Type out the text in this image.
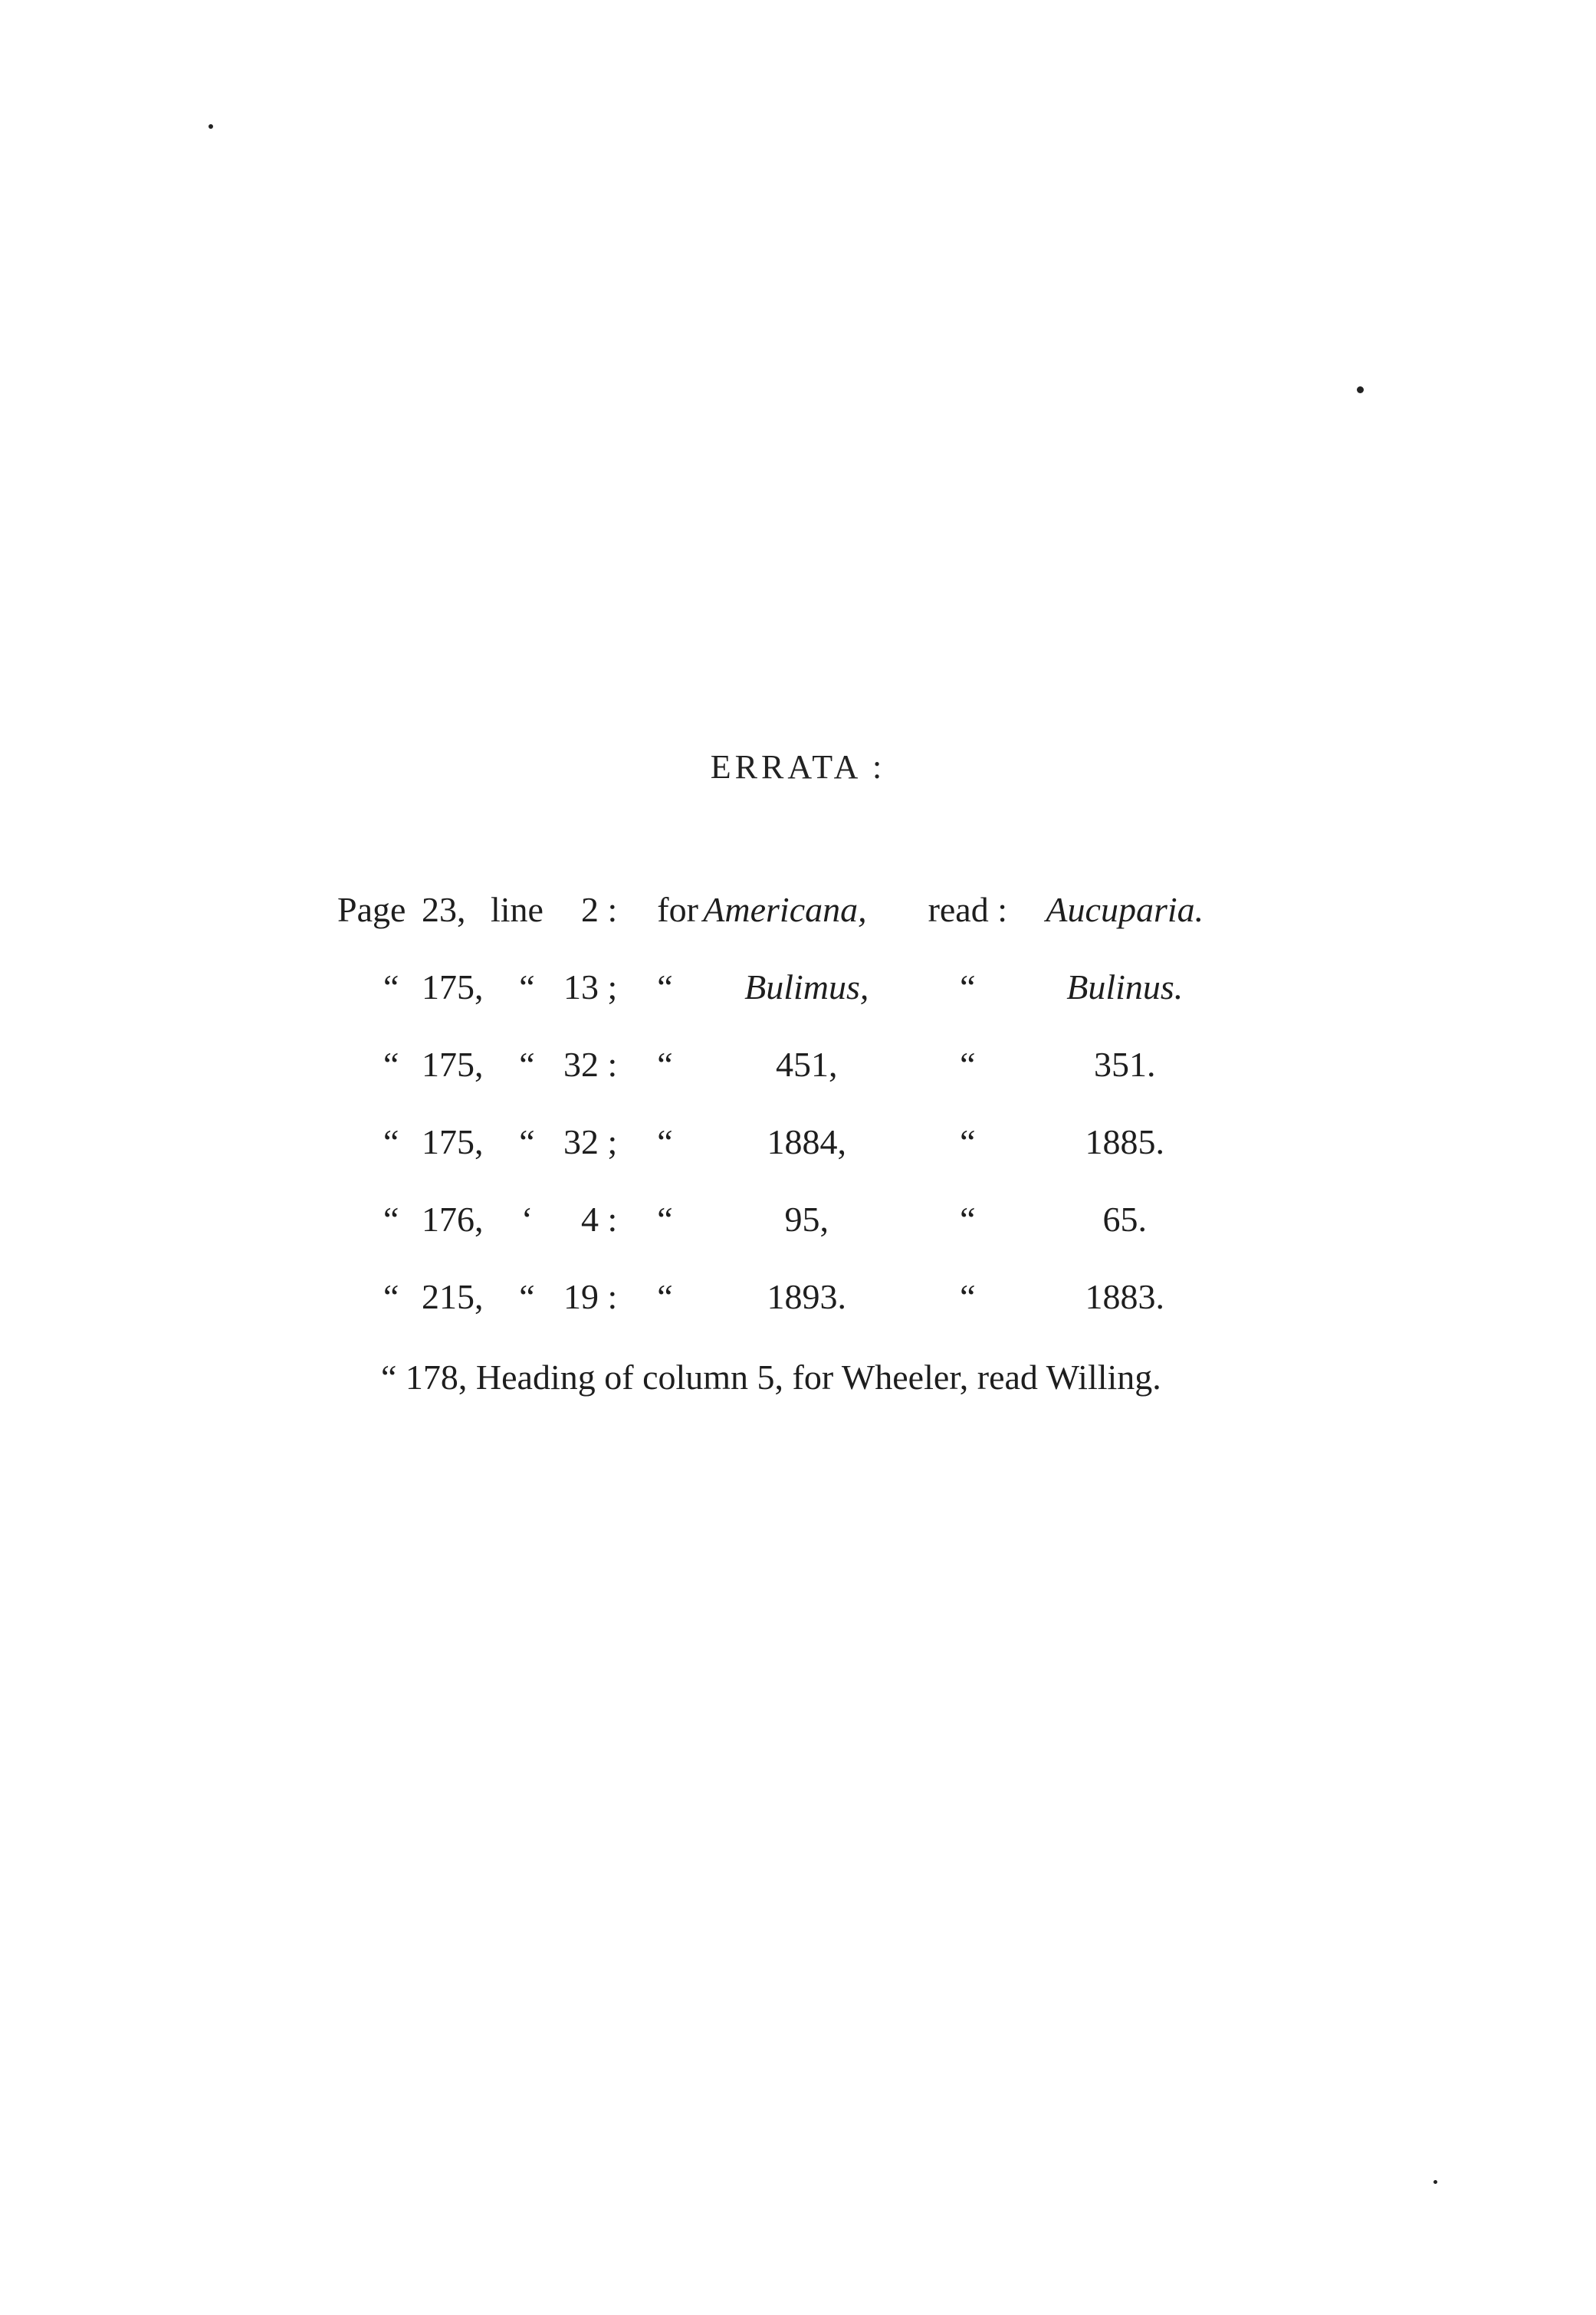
ERRATA :
Page	23,	line	2 :	for	Americana,	read :	Aucuparia.
“	175,	“	13 ;	“	Bulimus,	“	Bulinus.
“	175,	“	32 :	“	451,	“	351.
“	175,	“	32 ;	“	1884,	“	1885.
“	176,	‘	4 :	“	95,	“	65.
“	215,	“	19 :	“	1893.	“	1883.
“ 178, Heading of column 5, for Wheeler, read Willing.
